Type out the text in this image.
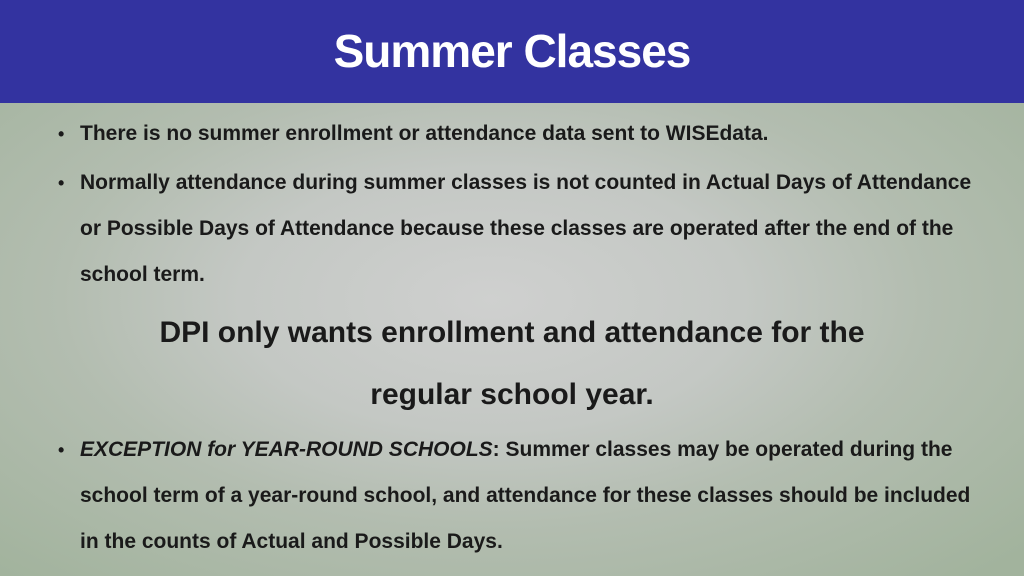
Summer Classes
• There is no summer enrollment or attendance data sent to WISEdata.
• Normally attendance during summer classes is not counted in Actual Days of Attendance or Possible Days of Attendance because these classes are operated after the end of the school term.
DPI only wants enrollment and attendance for the regular school year.
• EXCEPTION for YEAR-ROUND SCHOOLS: Summer classes may be operated during the school term of a year-round school, and attendance for these classes should be included in the counts of Actual and Possible Days.
